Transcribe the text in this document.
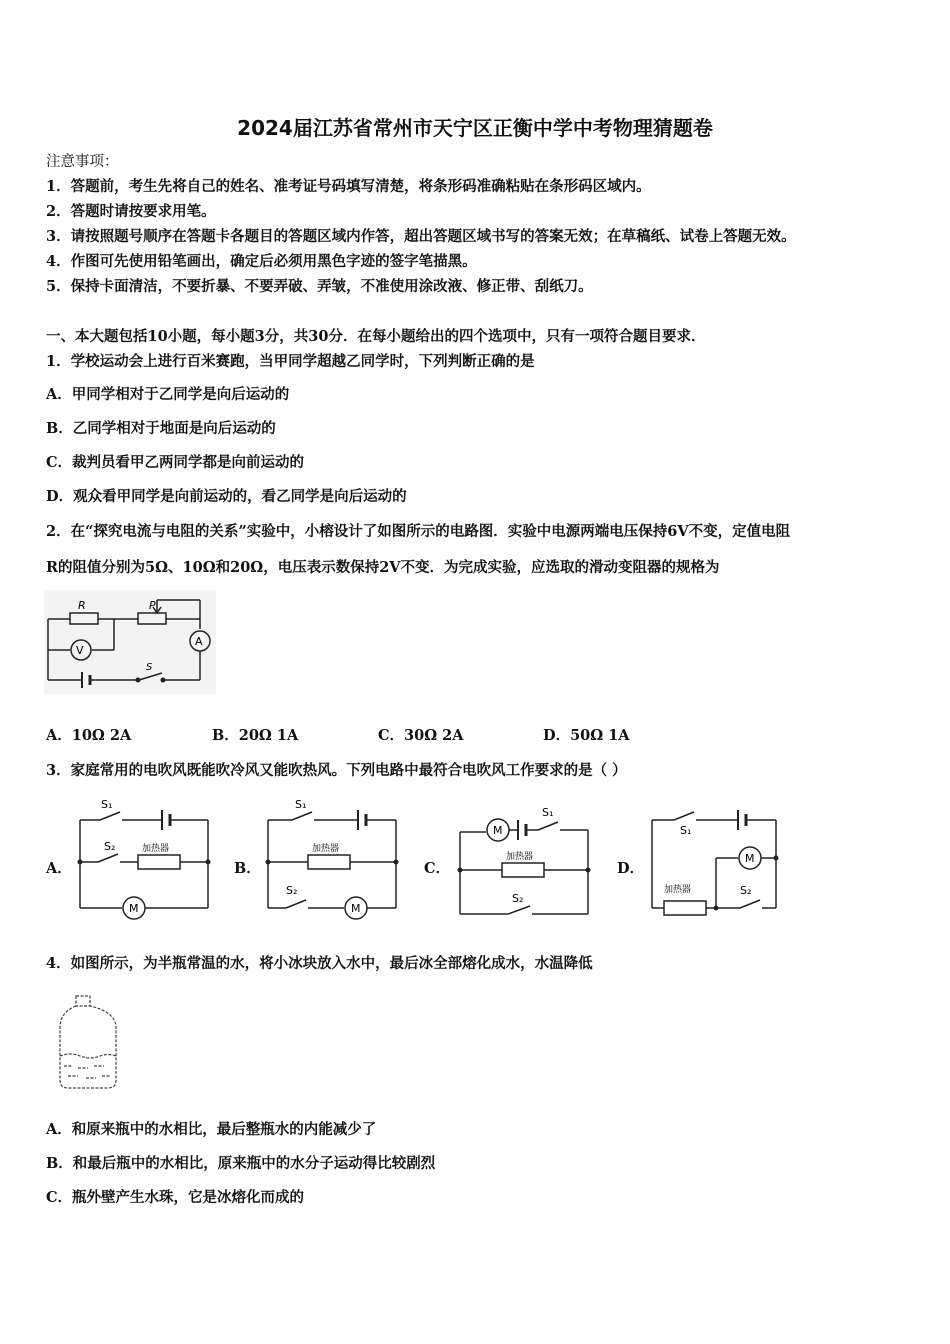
2024届江苏省常州市天宁区正衡中学中考物理猜题卷
注意事项：
1．答题前，考生先将自己的姓名、准考证号码填写清楚，将条形码准确粘贴在条形码区域内。
2．答题时请按要求用笔。
3．请按照题号顺序在答题卡各题目的答题区域内作答，超出答题区域书写的答案无效；在草稿纸、试卷上答题无效。
4．作图可先使用铅笔画出，确定后必须用黑色字迹的签字笔描黑。
5．保持卡面清洁，不要折暴、不要弄破、弄皱，不准使用涂改液、修正带、刮纸刀。
一、本大题包括10小题，每小题3分，共30分．在每小题给出的四个选项中，只有一项符合题目要求．
1．学校运动会上进行百米赛跑，当甲同学超越乙同学时，下列判断正确的是
A．甲同学相对于乙同学是向后运动的
B．乙同学相对于地面是向后运动的
C．裁判员看甲乙两同学都是向前运动的
D．观众看甲同学是向前运动的，看乙同学是向后运动的
2．在“探究电流与电阻的关系”实验中，小榕设计了如图所示的电路图．实验中电源两端电压保持6V不变，定值电阻
R的阻值分别为5Ω、10Ω和20Ω，电压表示数保持2V不变．为完成实验，应选取的滑动变阻器的规格为
R	P
V
A
S
A．10Ω 2A	B．20Ω 1A	C．30Ω 2A	D．50Ω 1A
3．家庭常用的电吹风既能吹冷风又能吹热风。下列电路中最符合电吹风工作要求的是（ ）
A．	B．	C．	D．
S₁
S₂	加热器
M
S₁
加热器
S₂
M
M
S₁
加热器
S₂
S₁
M
加热器	S₂
4．如图所示，为半瓶常温的水，将小冰块放入水中，最后冰全部熔化成水，水温降低
A．和原来瓶中的水相比，最后整瓶水的内能减少了
B．和最后瓶中的水相比，原来瓶中的水分子运动得比较剧烈
C．瓶外壁产生水珠，它是冰熔化而成的
